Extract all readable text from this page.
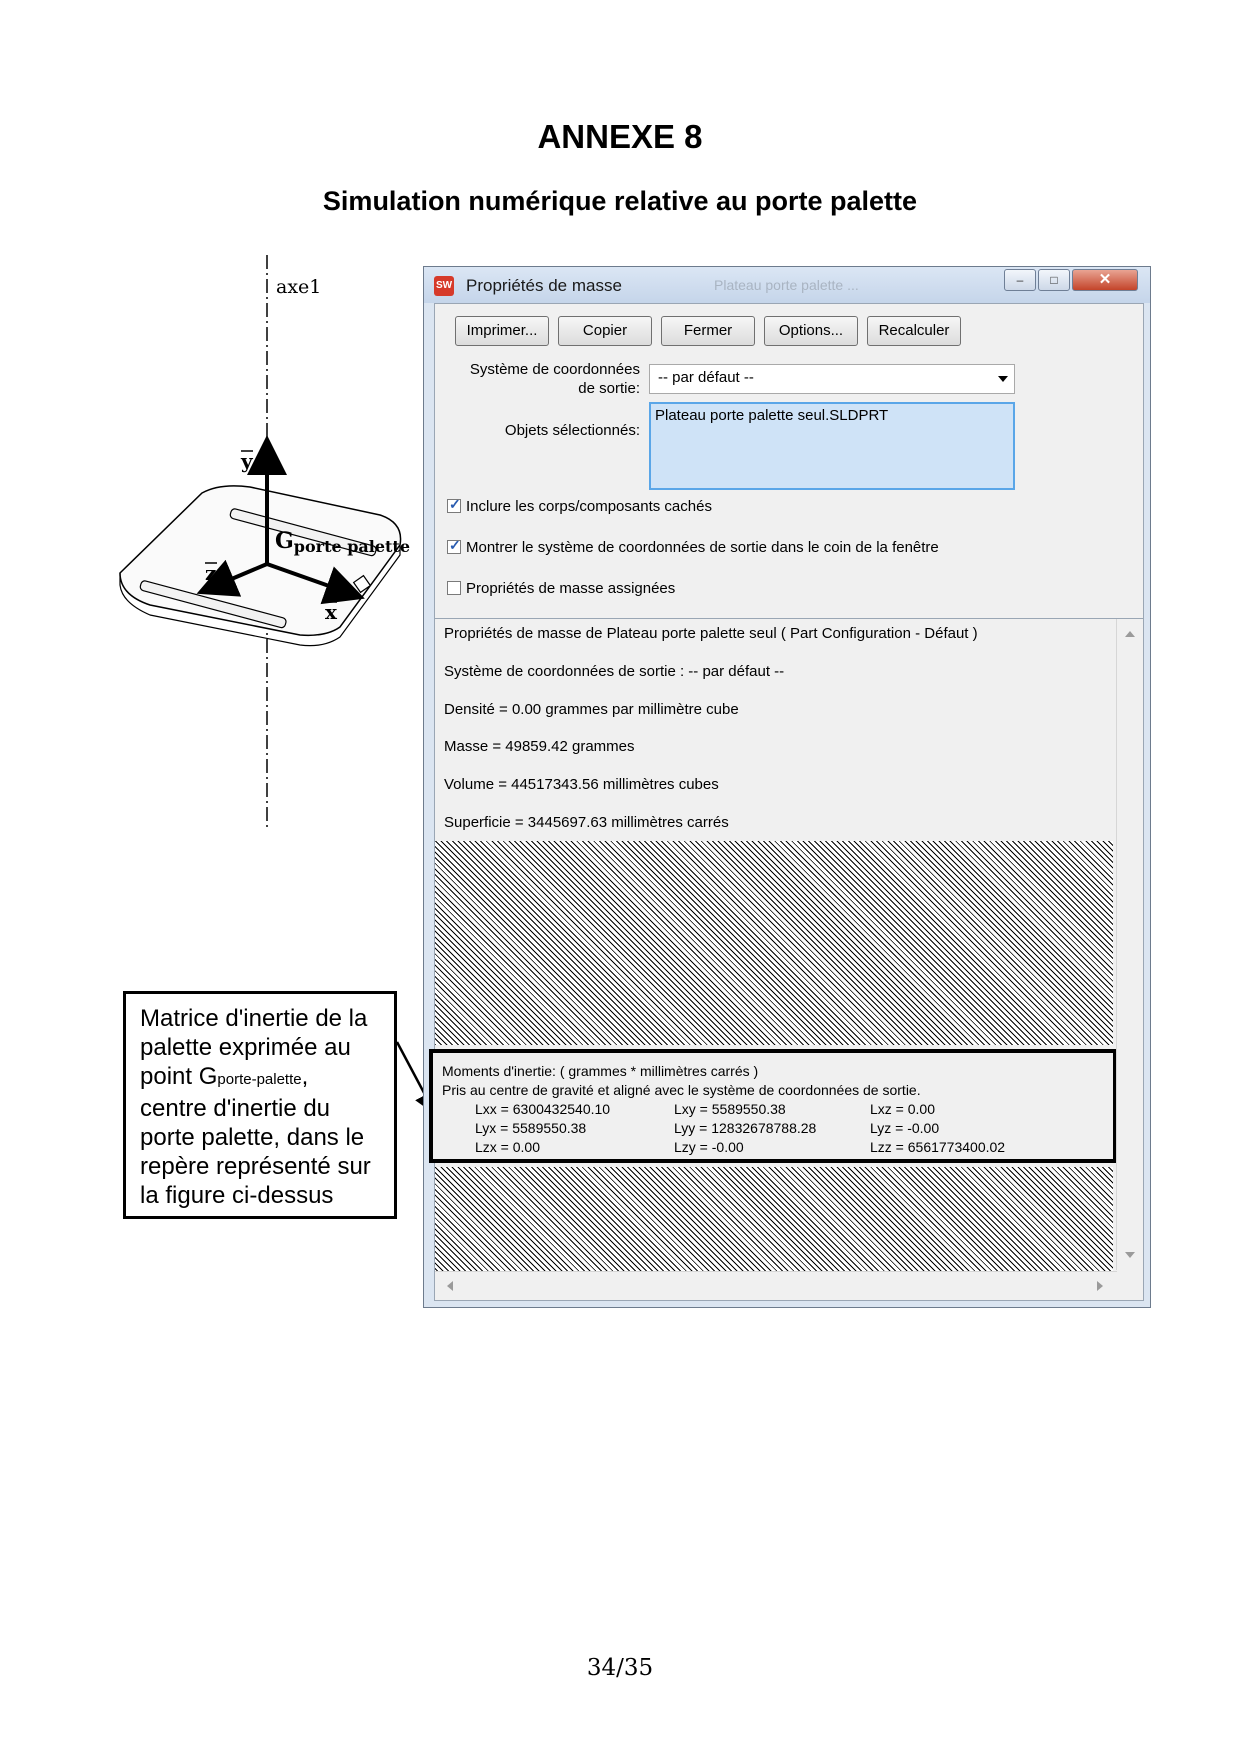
ANNEXE 8
Simulation numérique relative au porte palette
axe1
y
x
z
Gporte palette
Matrice d'inertie de la palette exprimée au point Gporte-palette, centre d'inertie du porte palette, dans le repère représenté sur la figure ci-dessus
SW Propriétés de masse	Plateau porte palette ...	–	□	✕
Imprimer...	Copier	Fermer	Options...	Recalculer
Système de coordonnées
de sortie:
-- par défaut --
Objets sélectionnés:
Plateau porte palette seul.SLDPRT
✓Inclure les corps/composants cachés
✓Montrer le système de coordonnées de sortie dans le coin de la fenêtre
Propriétés de masse assignées
Propriétés de masse de Plateau porte palette seul ( Part Configuration - Défaut )
Système de coordonnées de sortie : -- par défaut --
Densité = 0.00 grammes par millimètre cube
Masse = 49859.42 grammes
Volume = 44517343.56 millimètres cubes
Superficie = 3445697.63 millimètres carrés
Moments d'inertie: ( grammes * millimètres carrés )
Pris au centre de gravité et aligné avec le système de coordonnées de sortie.
Lxx = 6300432540.10	Lxy = 5589550.38	Lxz = 0.00
Lyx = 5589550.38	Lyy = 12832678788.28	Lyz = -0.00
Lzx = 0.00	Lzy = -0.00	Lzz = 6561773400.02
34/35
